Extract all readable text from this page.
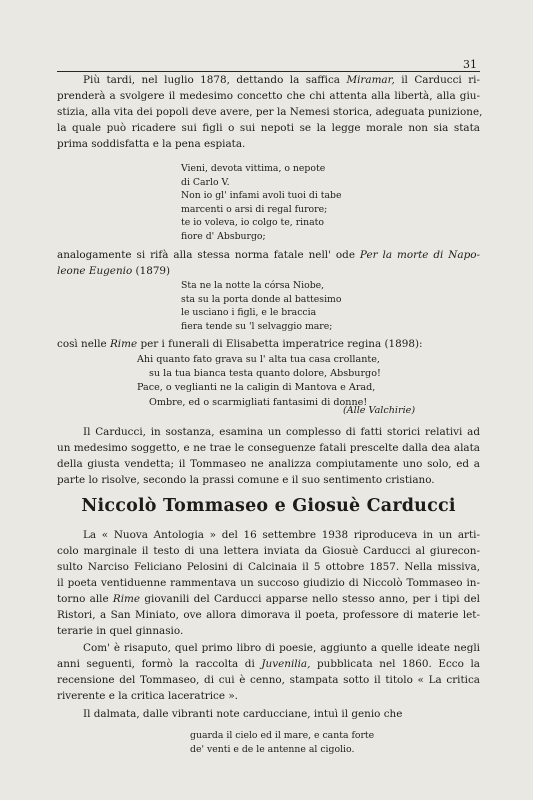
31
Più tardi, nel luglio 1878, dettando la saffica Miramar, il Carducci ri-
prenderà a svolgere il medesimo concetto che chi attenta alla libertà, alla giu-
stizia, alla vita dei popoli deve avere, per la Nemesi storica, adeguata punizione,
la quale può ricadere sui figli o sui nepoti se la legge morale non sia stata
prima soddisfatta e la pena espiata.
Vieni, devota vittima, o nepote
di Carlo V.
Non io gl' infami avoli tuoi di tabe
marcenti o arsi di regal furore;
te io voleva, io colgo te, rinato
fiore d' Absburgo;
analogamente si rifà alla stessa norma fatale nell' ode Per la morte di Napo-
leone Eugenio (1879)
Sta ne la notte la córsa Niobe,
sta su la porta donde al battesimo
le usciano i figli, e le braccia
fiera tende su 'l selvaggio mare;
così nelle Rime per i funerali di Elisabetta imperatrice regina (1898):
Ahi quanto fato grava su l' alta tua casa crollante,
su la tua bianca testa quanto dolore, Absburgo!
Pace, o veglianti ne la caligin di Mantova e Arad,
Ombre, ed o scarmigliati fantasimi di donne!
(Alle Valchirie)
Il Carducci, in sostanza, esamina un complesso di fatti storici relativi ad
un medesimo soggetto, e ne trae le conseguenze fatali prescelte dalla dea alata
della giusta vendetta; il Tommaseo ne analizza compiutamente uno solo, ed a
parte lo risolve, secondo la prassi comune e il suo sentimento cristiano.
Niccolò Tommaseo e Giosuè Carducci
La « Nuova Antologia » del 16 settembre 1938 riproduceva in un arti-
colo marginale il testo di una lettera inviata da Giosuè Carducci al giurecon-
sulto Narciso Feliciano Pelosini di Calcinaia il 5 ottobre 1857. Nella missiva,
il poeta ventiduenne rammentava un succoso giudizio di Niccolò Tommaseo in-
torno alle Rime giovanili del Carducci apparse nello stesso anno, per i tipi del
Ristori, a San Miniato, ove allora dimorava il poeta, professore di materie let-
terarie in quel ginnasio.
Com' è risaputo, quel primo libro di poesie, aggiunto a quelle ideate negli
anni seguenti, formò la raccolta di Juvenilia, pubblicata nel 1860. Ecco la
recensione del Tommaseo, di cui è cenno, stampata sotto il titolo « La critica
riverente e la critica laceratrice ».
Il dalmata, dalle vibranti note carducciane, intuì il genio che
guarda il cielo ed il mare, e canta forte
de' venti e de le antenne al cigolio.
